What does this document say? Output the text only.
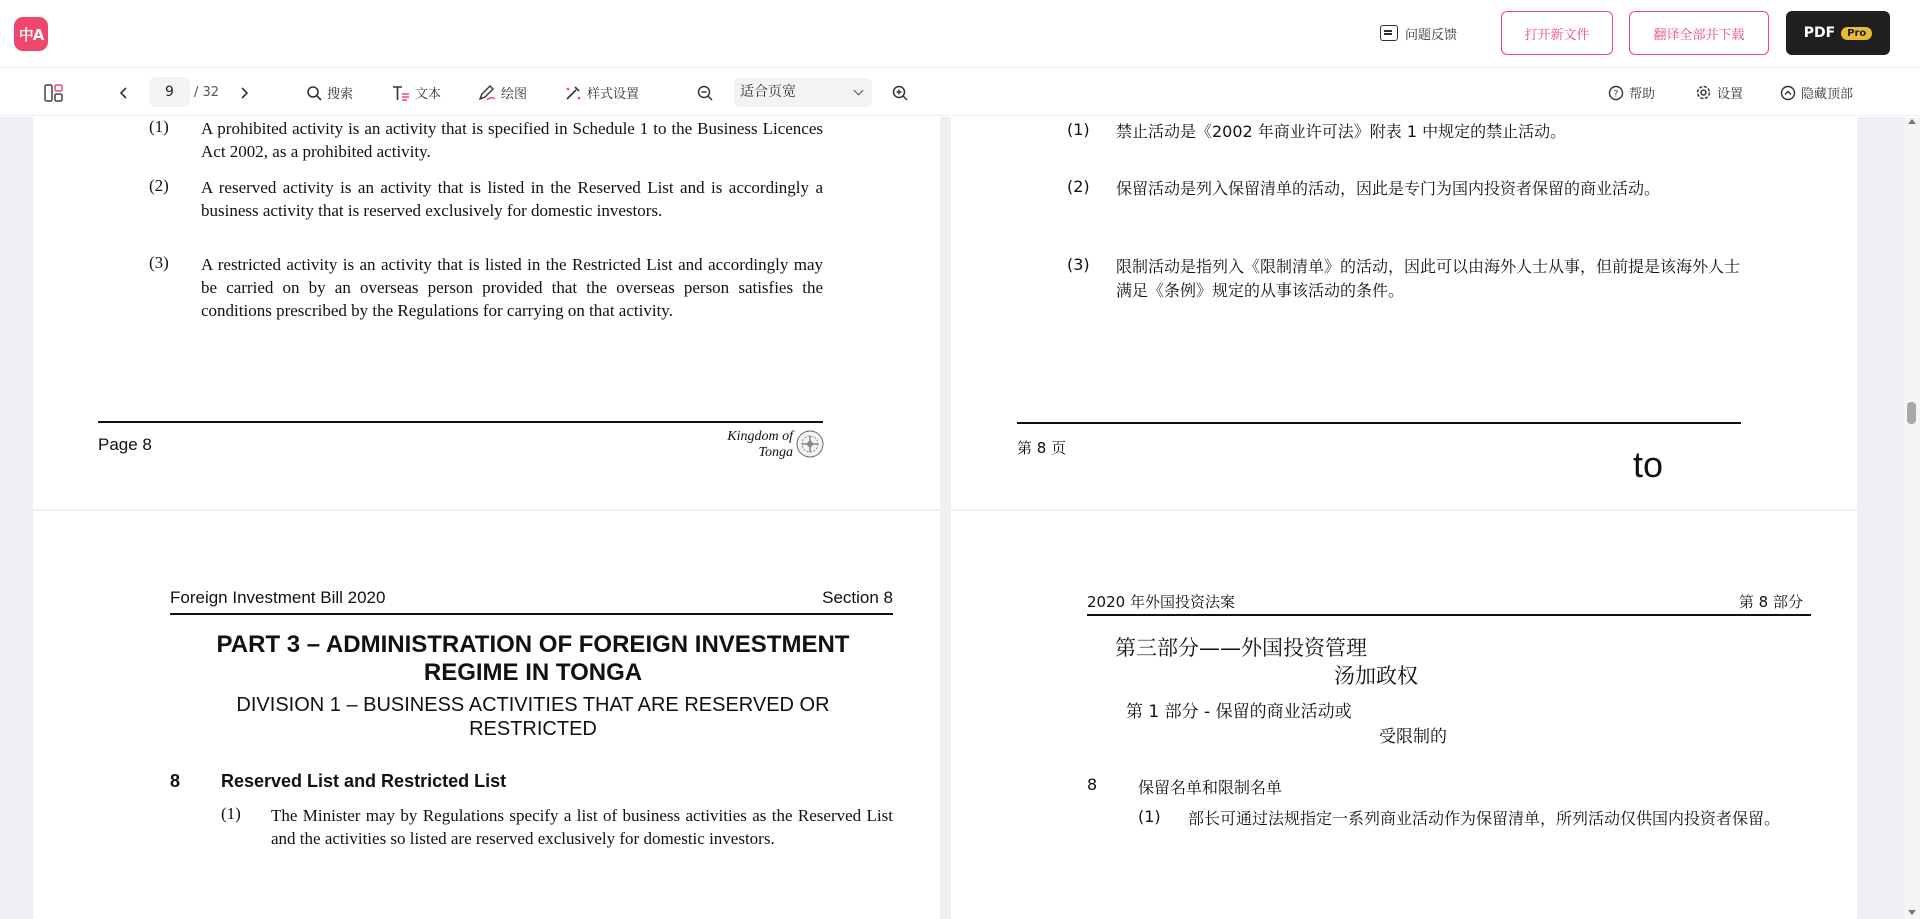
中A	问题反馈	打开新文件	翻译全部并下载	PDF	Pro
9
/ 32	搜索	文本	绘图	样式设置	适合页宽	? 帮助	设置	隐藏顶部
(1) A prohibited activity is an activity that is specified in Schedule 1 to the Business Licences Act 2002, as a prohibited activity.
(2) A reserved activity is an activity that is listed in the Reserved List and is accordingly a business activity that is reserved exclusively for domestic investors.
(3) A restricted activity is an activity that is listed in the Restricted List and accordingly may be carried on by an overseas person provided that the overseas person satisfies the conditions prescribed by the Regulations for carrying on that activity.
Page 8	Kingdom of
Tonga
(1) 禁止活动是《2002 年商业许可法》附表 1 中规定的禁止活动。
(2) 保留活动是列入保留清单的活动，因此是专门为国内投资者保留的商业活动。
(3) 限制活动是指列入《限制清单》的活动，因此可以由海外人士从事，但前提是该海外人士满足《条例》规定的从事该活动的条件。
第 8 页	to
Foreign Investment Bill 2020	Section 8
PART 3 – ADMINISTRATION OF FOREIGN INVESTMENT REGIME IN TONGA
DIVISION 1 – BUSINESS ACTIVITIES THAT ARE RESERVED OR RESTRICTED
8 Reserved List and Restricted List
(1) The Minister may by Regulations specify a list of business activities as the Reserved List and the activities so listed are reserved exclusively for domestic investors.
2020 年外国投资法案	第 8 部分
第三部分——外国投资管理
汤加政权
第 1 部分 - 保留的商业活动或
受限制的
8	保留名单和限制名单
(1) 部长可通过法规指定一系列商业活动作为保留清单，所列活动仅供国内投资者保留。
